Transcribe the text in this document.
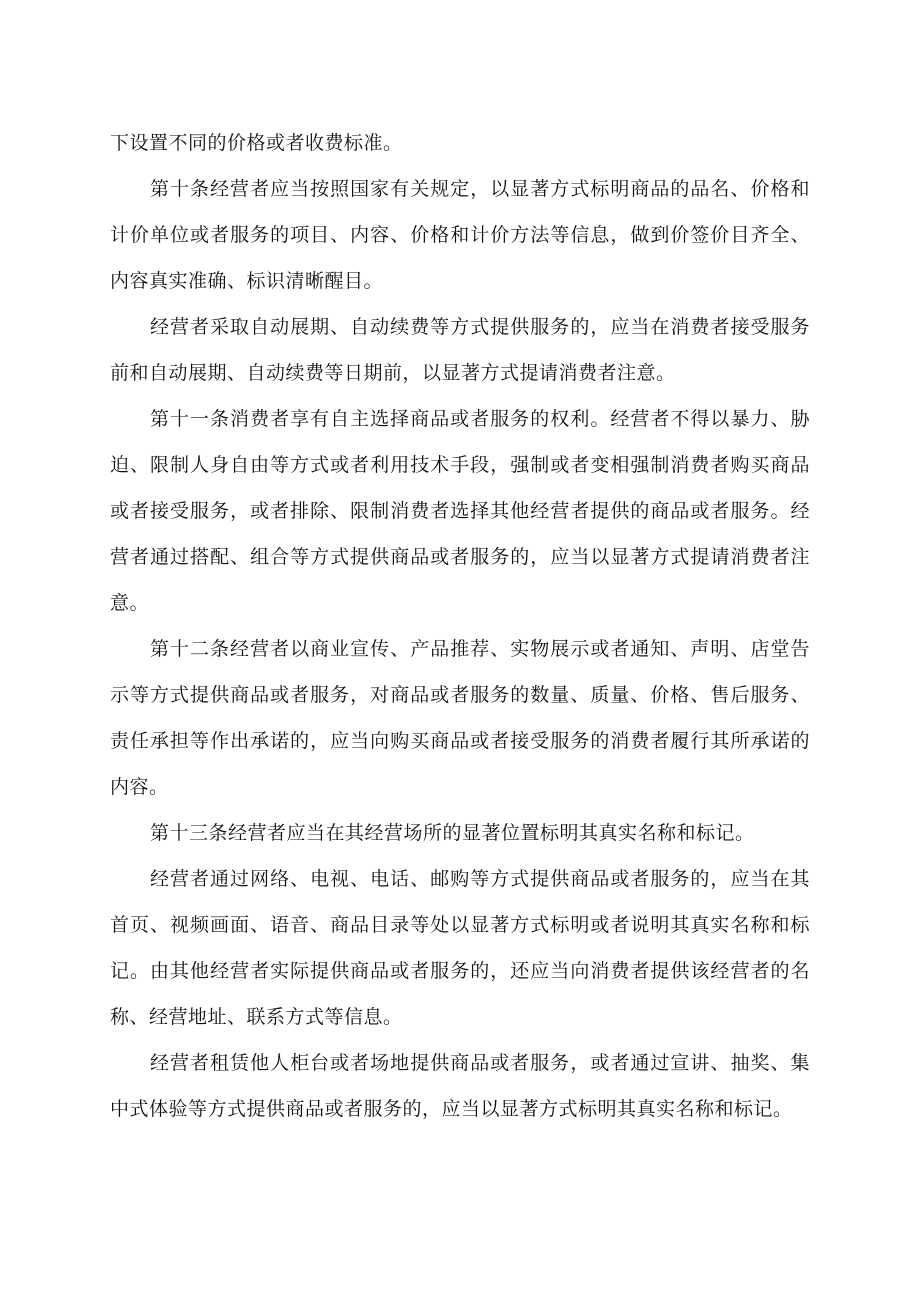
下设置不同的价格或者收费标准。

第十条经营者应当按照国家有关规定，以显著方式标明商品的品名、价格和计价单位或者服务的项目、内容、价格和计价方法等信息，做到价签价目齐全、内容真实准确、标识清晰醒目。

经营者采取自动展期、自动续费等方式提供服务的，应当在消费者接受服务前和自动展期、自动续费等日期前，以显著方式提请消费者注意。

第十一条消费者享有自主选择商品或者服务的权利。经营者不得以暴力、胁迫、限制人身自由等方式或者利用技术手段，强制或者变相强制消费者购买商品或者接受服务，或者排除、限制消费者选择其他经营者提供的商品或者服务。经营者通过搭配、组合等方式提供商品或者服务的，应当以显著方式提请消费者注意。

第十二条经营者以商业宣传、产品推荐、实物展示或者通知、声明、店堂告示等方式提供商品或者服务，对商品或者服务的数量、质量、价格、售后服务、责任承担等作出承诺的，应当向购买商品或者接受服务的消费者履行其所承诺的内容。

第十三条经营者应当在其经营场所的显著位置标明其真实名称和标记。

经营者通过网络、电视、电话、邮购等方式提供商品或者服务的，应当在其首页、视频画面、语音、商品目录等处以显著方式标明或者说明其真实名称和标记。由其他经营者实际提供商品或者服务的，还应当向消费者提供该经营者的名称、经营地址、联系方式等信息。

经营者租赁他人柜台或者场地提供商品或者服务，或者通过宣讲、抽奖、集中式体验等方式提供商品或者服务的，应当以显著方式标明其真实名称和标记。
